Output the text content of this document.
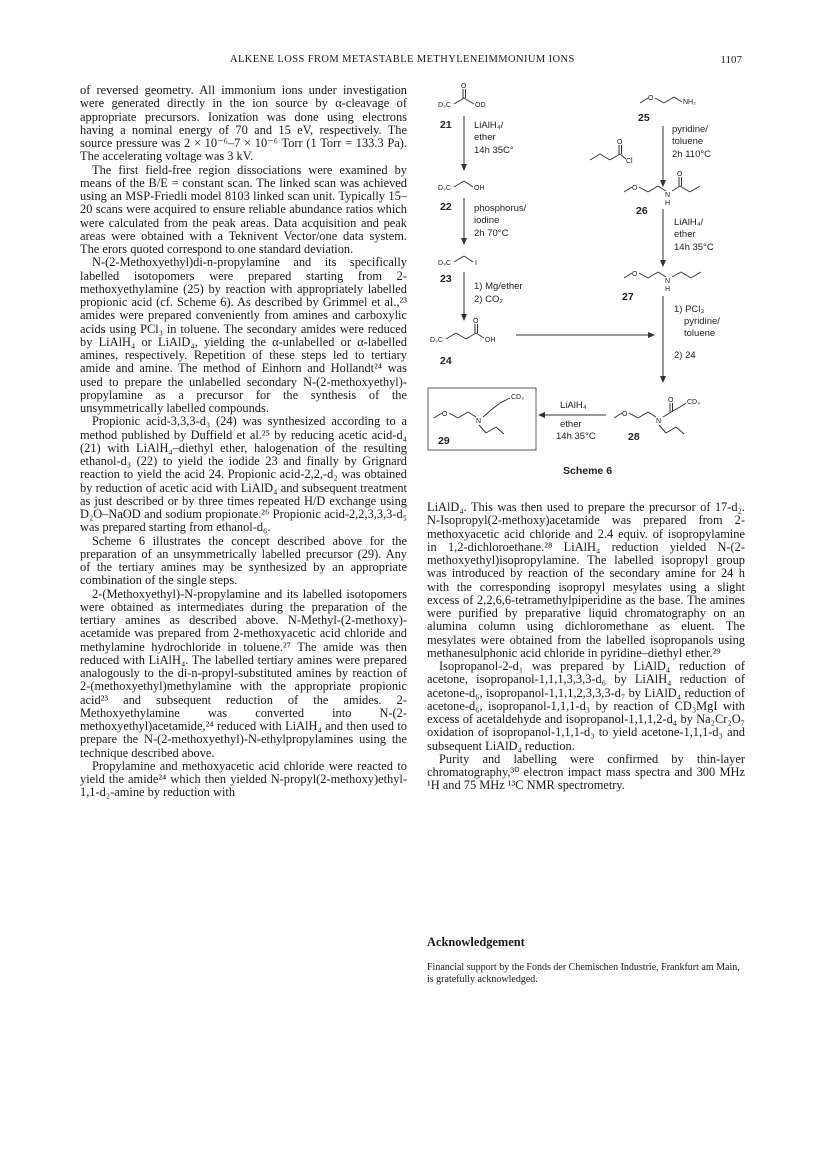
ALKENE LOSS FROM METASTABLE METHYLENEIMMONIUM IONS	1107

of reversed geometry. All immonium ions under investigation were generated directly in the ion source by α-cleavage of appropriate precursors. Ionization was done using electrons having a nominal energy of 70 and 15 eV, respectively. The source pressure was 2 × 10⁻⁶–7 × 10⁻⁶ Torr (1 Torr = 133.3 Pa). The accelerating voltage was 3 kV.

The first field-free region dissociations were examined by means of the B/E = constant scan. The linked scan was achieved using an MSP-Friedli model 8103 linked scan unit. Typically 15–20 scans were acquired to ensure reliable abundance ratios which were calculated from the peak areas. Data acquisition and peak areas were obtained with a Teknivent Vector/one data system. The erors quoted correspond to one standard deviation.

N-(2-Methoxyethyl)di-n-propylamine and its specifically labelled isotopomers were prepared starting from 2-methoxyethylamine (25) by reaction with appropriately labelled propionic acid (cf. Scheme 6). As described by Grimmel et al.,²³ amides were prepared conveniently from amines and carboxylic acids using PCl₃ in toluene. The secondary amides were reduced by LiAlH₄ or LiAlD₄, yielding the α-unlabelled or α-labelled amines, respectively. Repetition of these steps led to tertiary amide and amine. The method of Einhorn and Hollandt²⁴ was used to prepare the unlabelled secondary N-(2-methoxyethyl)-propylamine as a precursor for the synthesis of the unsymmetrically labelled compounds.

Propionic acid-3,3,3-d₃ (24) was synthesized according to a method published by Duffield et al.²⁵ by reducing acetic acid-d₄ (21) with LiAlH₄–diethyl ether, halogenation of the resulting ethanol-d₃ (22) to yield the iodide 23 and finally by Grignard reaction to yield the acid 24. Propionic acid-2,2,-d₂ was obtained by reduction of acetic acid with LiAlD₄ and subsequent treatment as just described or by three times repeated H/D exchange using D₂O–NaOD and sodium propionate.²⁶ Propionic acid-2,2,3,3,3-d₅ was prepared starting from ethanol-d₆.

Scheme 6 illustrates the concept described above for the preparation of an unsymmetrically labelled precursor (29). Any of the tertiary amines may be synthesized by an appropriate combination of the single steps.

2-(Methoxyethyl)-N-propylamine and its labelled isotopomers were obtained as intermediates during the preparation of the tertiary amines as described above. N-Methyl-(2-methoxy)-acetamide was prepared from 2-methoxyacetic acid chloride and methylamine hydrochloride in toluene.²⁷ The amide was then reduced with LiAlH₄. The labelled tertiary amines were prepared analogously to the di-n-propyl-substituted amines by reaction of 2-(methoxyethyl)methylamine with the appropriate propionic acid²³ and subsequent reduction of the amides. 2-Methoxyethylamine was converted into N-(2-methoxyethyl)acetamide,²⁴ reduced with LiAlH₄ and then used to prepare the N-(2-methoxyethyl)-N-ethylpropylamines using the technique described above.

Propylamine and methoxyacetic acid chloride were reacted to yield the amide²⁴ which then yielded N-propyl(2-methoxy)ethyl-1,1-d₂-amine by reduction with

D₃C
O
OD
21 LiAlH₄/
ether
14h 35C°
D₃C	OH
22 phosphorus/
iodine
2h 70°C
D₃C	I
23
1) Mg/ether
2) CO₂
D₃C
O
OH
24
O
NH₂
25
O
Cl
pyridine/
toluene
2h 110°C
O
N
H
O
26
LiAlH₄/
ether
14h 35°C
O
N
H
27
1) PCl₃
pyridine/
toluene
2) 24
O
N
O CD₃
28
LiAlH₄
ether
14h 35°C
O
N
CD₃
29
Scheme 6

LiAlD₄. This was then used to prepare the precursor of 17-d₂. N-Isopropyl(2-methoxy)acetamide was prepared from 2-methoxyacetic acid chloride and 2.4 equiv. of isopropylamine in 1,2-dichloroethane.²⁸ LiAlH₄ reduction yielded N-(2-methoxyethyl)isopropylamine. The labelled isopropyl group was introduced by reaction of the secondary amine for 24 h with the corresponding isopropyl mesylates using a slight excess of 2,2,6,6-tetramethylpiperidine as the base. The amines were purified by preparative liquid chromatography on an alumina column using dichloromethane as eluent. The mesylates were obtained from the labelled isopropanols using methanesulphonic acid chloride in pyridine–diethyl ether.²⁹

Isopropanol-2-d₁ was prepared by LiAlD₄ reduction of acetone, isopropanol-1,1,1,3,3,3-d₆ by LiAlH₄ reduction of acetone-d₆, isopropanol-1,1,1,2,3,3,3-d₇ by LiAlD₄ reduction of acetone-d₆, isopropanol-1,1,1-d₃ by reaction of CD₃MgI with excess of acetaldehyde and isopropanol-1,1,1,2-d₄ by Na₂Cr₂O₇ oxidation of isopropanol-1,1,1-d₃ to yield acetone-1,1,1-d₃ and subsequent LiAlD₄ reduction.

Purity and labelling were confirmed by thin-layer chromatography,³⁰ electron impact mass spectra and 300 MHz ¹H and 75 MHz ¹³C NMR spectrometry.

Acknowledgement
Financial support by the Fonds der Chemischen Industrie, Frankfurt am Main, is gratefully acknowledged.
